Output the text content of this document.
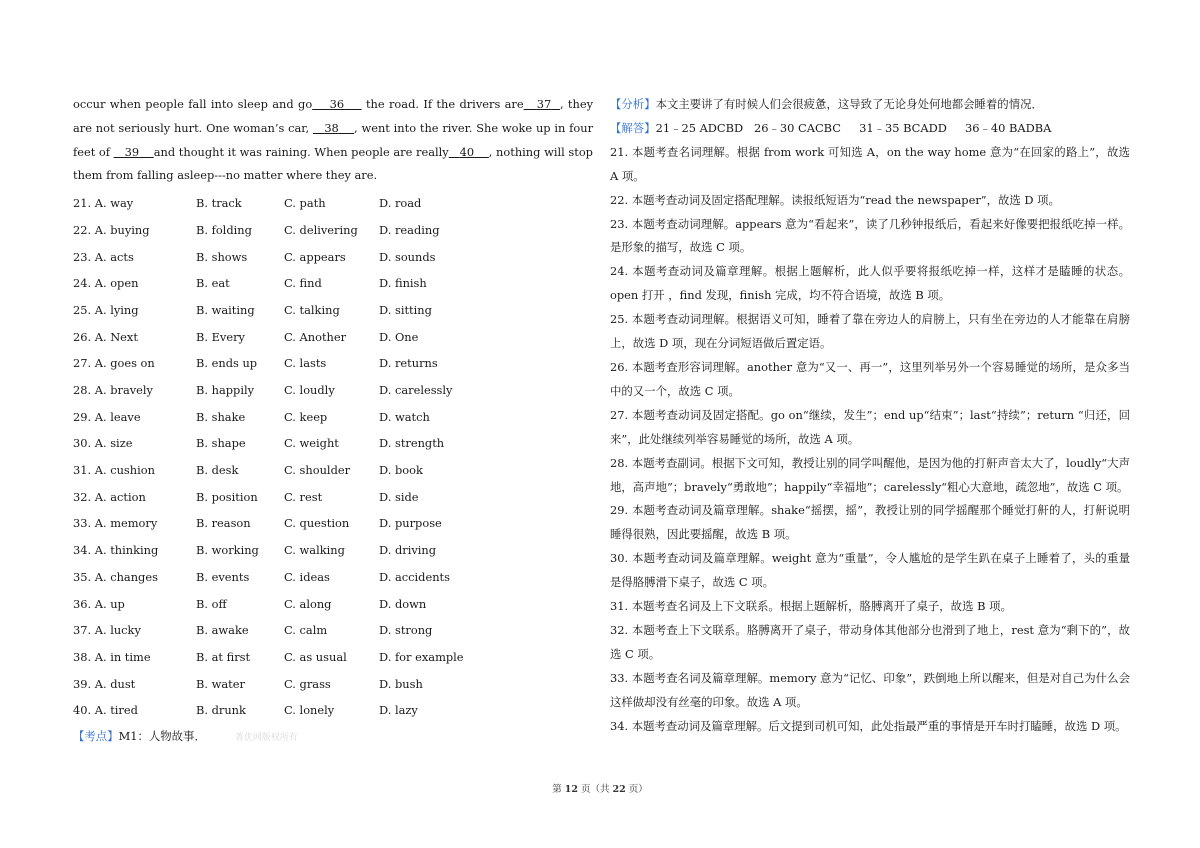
occur when people fall into sleep and go 36 the road. If the drivers are 37 , they are not seriously hurt. One woman’s car, 38 , went into the river. She woke up in four feet of 39 and thought it was raining. When people are really 40 , nothing will stop them from falling asleep---no matter where they are.

21. A. way	B. track	C. path	D. road
22. A. buying	B. folding	C. delivering D. reading
23. A. acts	B. shows	C. appears	D. sounds
24. A. open	B. eat	C. find	D. finish
25. A. lying	B. waiting	C. talking	D. sitting
26. A. Next	B. Every	C. Another	D. One
27. A. goes on	B. ends up C. lasts	D. returns
28. A. bravely	B. happily	C. loudly	D. carelessly
29. A. leave	B. shake	C. keep	D. watch
30. A. size	B. shape	C. weight	D. strength
31. A. cushion	B. desk	C. shoulder	D. book
32. A. action	B. position C. rest	D. side
33. A. memory	B. reason	C. question	D. purpose
34. A. thinking	B. working C. walking	D. driving
35. A. changes	B. events	C. ideas	D. accidents
36. A. up	B. off	C. along	D. down
37. A. lucky	B. awake	C. calm	D. strong
38. A. in time	B. at first	C. as usual	D. for example
39. A. dust	B. water	C. grass	D. bush
40. A. tired	B. drunk	C. lonely	D. lazy
【考点】M1：人物故事．	菁优网版权所有

【分析】本文主要讲了有时候人们会很疲惫，这导致了无论身处何地都会睡着的情况．

【解答】21﹣25 ADCBD   26﹣30 CACBC     31﹣35 BCADD     36﹣40 BADBA

21. 本题考查名词理解。根据 from work 可知选 A，on the way home 意为“在回家的路上”，故选 A 项。

22. 本题考查动词及固定搭配理解。读报纸短语为“read the newspaper”，故选 D 项。

23. 本题考查动词理解。appears 意为“看起来”，读了几秒钟报纸后，看起来好像要把报纸吃掉一样。是形象的描写，故选 C 项。

24. 本题考查动词及篇章理解。根据上题解析，此人似乎要将报纸吃掉一样，这样才是瞌睡的状态。open 打开 ，find 发现，finish 完成，均不符合语境，故选 B 项。

25. 本题考查动词理解。根据语义可知，睡着了靠在旁边人的肩膀上，只有坐在旁边的人才能靠在肩膀上，故选 D 项，现在分词短语做后置定语。

26. 本题考查形容词理解。another 意为“又一、再一”，这里列举另外一个容易睡觉的场所，是众多当中的又一个，故选 C 项。

27. 本题考查动词及固定搭配。go on“继续，发生”；end up“结束”；last“持续”；return “归还，回来”，此处继续列举容易睡觉的场所，故选 A 项。

28. 本题考查副词。根据下文可知，教授让别的同学叫醒他，是因为他的打鼾声音太大了，loudly“大声地，高声地”；bravely“勇敢地”；happily“幸福地”；carelessly“粗心大意地，疏忽地”，故选 C 项。

29. 本题考查动词及篇章理解。shake“摇摆，摇”，教授让别的同学摇醒那个睡觉打鼾的人，打鼾说明睡得很熟，因此要摇醒，故选 B 项。

30. 本题考查动词及篇章理解。weight 意为“重量”，令人尴尬的是学生趴在桌子上睡着了，头的重量是得胳膊滑下桌子，故选 C 项。

31. 本题考查名词及上下文联系。根据上题解析，胳膊离开了桌子，故选 B 项。

32. 本题考查上下文联系。胳膊离开了桌子，带动身体其他部分也滑到了地上，rest 意为“剩下的”，故选 C 项。

33. 本题考查名词及篇章理解。memory 意为“记忆、印象”，跌倒地上所以醒来，但是对自己为什么会这样做却没有丝毫的印象。故选 A 项。

34. 本题考查动词及篇章理解。后文提到司机可知，此处指最严重的事情是开车时打瞌睡，故选 D 项。

第 12 页（共 22 页）
